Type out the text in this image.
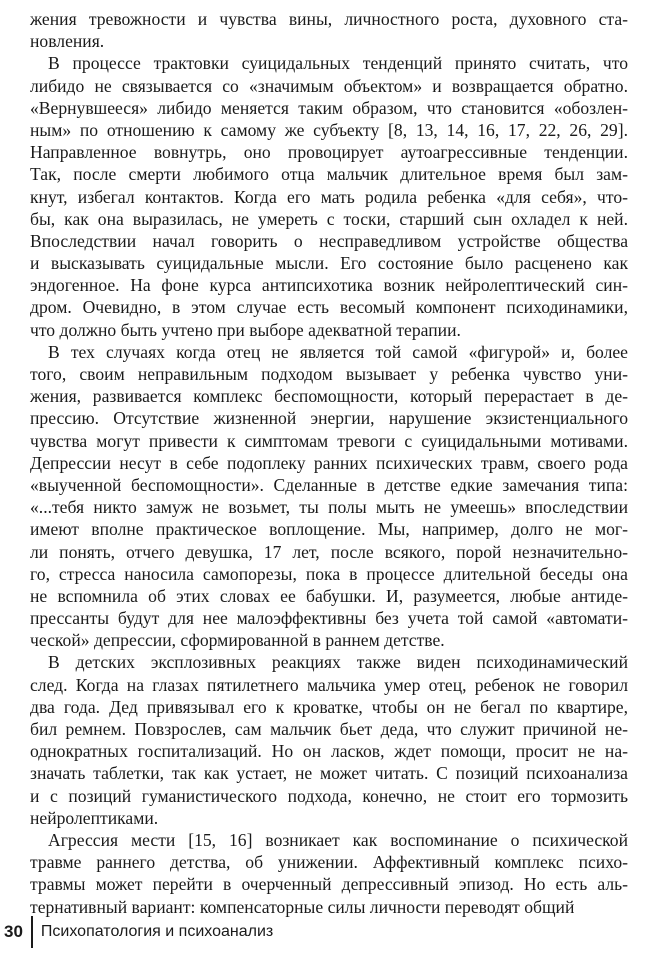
жения тревожности и чувства вины, личностного роста, духовного ста-
новления.
В процессе трактовки суицидальных тенденций принято считать, что
либидо не связывается со «значимым объектом» и возвращается обратно.
«Вернувшееся» либидо меняется таким образом, что становится «обозлен-
ным» по отношению к самому же субъекту [8, 13, 14, 16, 17, 22, 26, 29].
Направленное вовнутрь, оно провоцирует аутоагрессивные тенденции.
Так, после смерти любимого отца мальчик длительное время был зам-
кнут, избегал контактов. Когда его мать родила ребенка «для себя», что-
бы, как она выразилась, не умереть с тоски, старший сын охладел к ней.
Впоследствии начал говорить о несправедливом устройстве общества
и высказывать суицидальные мысли. Его состояние было расценено как
эндогенное. На фоне курса антипсихотика возник нейролептический син-
дром. Очевидно, в этом случае есть весомый компонент психодинамики,
что должно быть учтено при выборе адекватной терапии.
В тех случаях когда отец не является той самой «фигурой» и, более
того, своим неправильным подходом вызывает у ребенка чувство уни-
жения, развивается комплекс беспомощности, который перерастает в де-
прессию. Отсутствие жизненной энергии, нарушение экзистенциального
чувства могут привести к симптомам тревоги с суицидальными мотивами.
Депрессии несут в себе подоплеку ранних психических травм, своего рода
«выученной беспомощности». Сделанные в детстве едкие замечания типа:
«...тебя никто замуж не возьмет, ты полы мыть не умеешь» впоследствии
имеют вполне практическое воплощение. Мы, например, долго не мог-
ли понять, отчего девушка, 17 лет, после всякого, порой незначительно-
го, стресса наносила самопорезы, пока в процессе длительной беседы она
не вспомнила об этих словах ее бабушки. И, разумеется, любые антиде-
прессанты будут для нее малоэффективны без учета той самой «автомати-
ческой» депрессии, сформированной в раннем детстве.
В детских эксплозивных реакциях также виден психодинамический
след. Когда на глазах пятилетнего мальчика умер отец, ребенок не говорил
два года. Дед привязывал его к кроватке, чтобы он не бегал по квартире,
бил ремнем. Повзрослев, сам мальчик бьет деда, что служит причиной не-
однократных госпитализаций. Но он ласков, ждет помощи, просит не на-
значать таблетки, так как устает, не может читать. С позиций психоанализа
и с позиций гуманистического подхода, конечно, не стоит его тормозить
нейролептиками.
Агрессия мести [15, 16] возникает как воспоминание о психической
травме раннего детства, об унижении. Аффективный комплекс психо-
травмы может перейти в очерченный депрессивный эпизод. Но есть аль-
тернативный вариант: компенсаторные силы личности переводят общий
30	Психопатология и психоанализ
